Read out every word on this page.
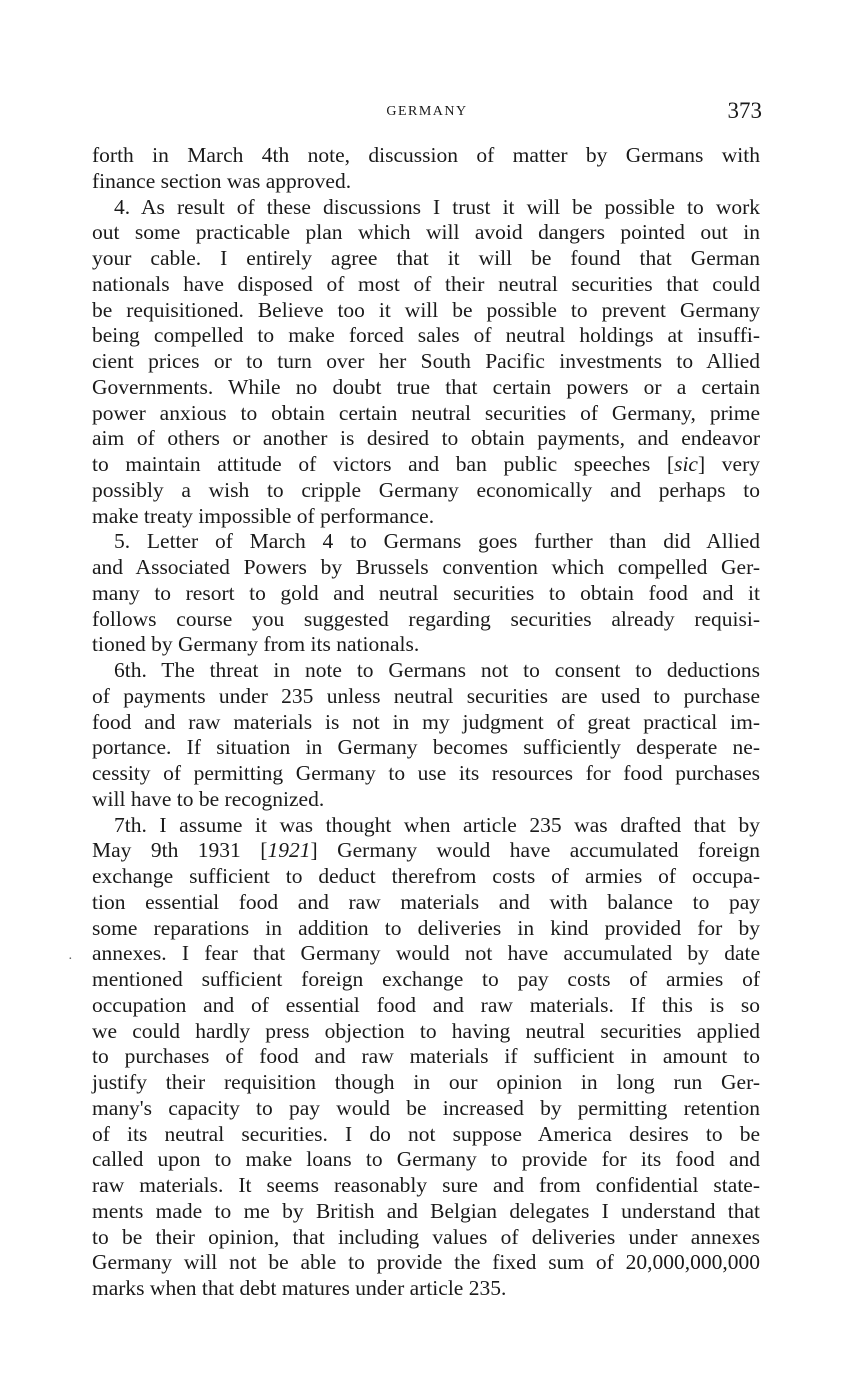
GERMANY	373
·
forth in March 4th note, discussion of matter by Germans with
finance section was approved.
4. As result of these discussions I trust it will be possible to work
out some practicable plan which will avoid dangers pointed out in
your cable. I entirely agree that it will be found that German
nationals have disposed of most of their neutral securities that could
be requisitioned. Believe too it will be possible to prevent Germany
being compelled to make forced sales of neutral holdings at insuffi-
cient prices or to turn over her South Pacific investments to Allied
Governments. While no doubt true that certain powers or a certain
power anxious to obtain certain neutral securities of Germany, prime
aim of others or another is desired to obtain payments, and endeavor
to maintain attitude of victors and ban public speeches [sic] very
possibly a wish to cripple Germany economically and perhaps to
make treaty impossible of performance.
5. Letter of March 4 to Germans goes further than did Allied
and Associated Powers by Brussels convention which compelled Ger-
many to resort to gold and neutral securities to obtain food and it
follows course you suggested regarding securities already requisi-
tioned by Germany from its nationals.
6th. The threat in note to Germans not to consent to deductions
of payments under 235 unless neutral securities are used to purchase
food and raw materials is not in my judgment of great practical im-
portance. If situation in Germany becomes sufficiently desperate ne-
cessity of permitting Germany to use its resources for food purchases
will have to be recognized.
7th. I assume it was thought when article 235 was drafted that by
May 9th 1931 [1921] Germany would have accumulated foreign
exchange sufficient to deduct therefrom costs of armies of occupa-
tion essential food and raw materials and with balance to pay
some reparations in addition to deliveries in kind provided for by
annexes. I fear that Germany would not have accumulated by date
mentioned sufficient foreign exchange to pay costs of armies of
occupation and of essential food and raw materials. If this is so
we could hardly press objection to having neutral securities applied
to purchases of food and raw materials if sufficient in amount to
justify their requisition though in our opinion in long run Ger-
many's capacity to pay would be increased by permitting retention
of its neutral securities. I do not suppose America desires to be
called upon to make loans to Germany to provide for its food and
raw materials. It seems reasonably sure and from confidential state-
ments made to me by British and Belgian delegates I understand that
to be their opinion, that including values of deliveries under annexes
Germany will not be able to provide the fixed sum of 20,000,000,000
marks when that debt matures under article 235.
